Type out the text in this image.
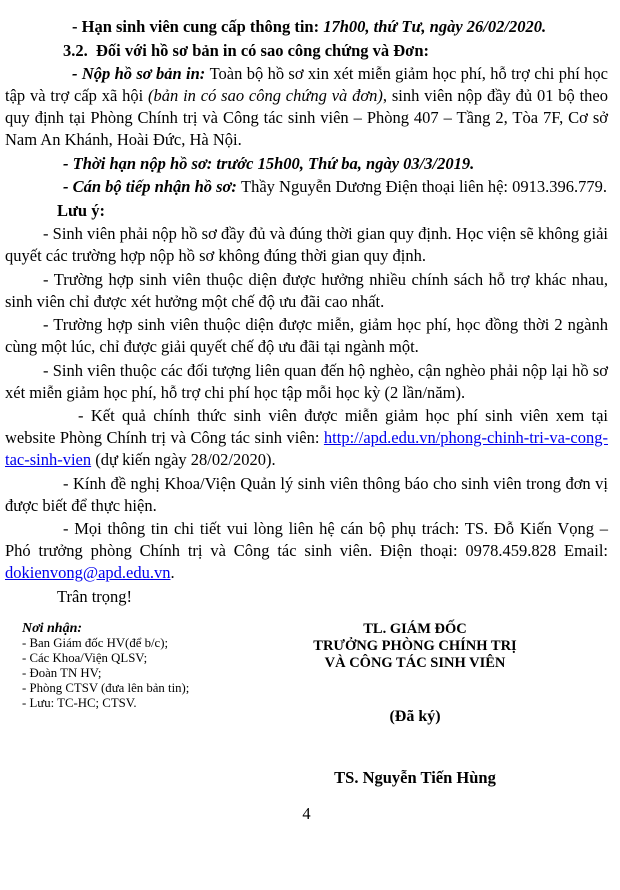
- Hạn sinh viên cung cấp thông tin: 17h00, thứ Tư, ngày 26/02/2020.

3.2. Đối với hồ sơ bản in có sao công chứng và Đơn:

- Nộp hồ sơ bản in: Toàn bộ hồ sơ xin xét miễn giảm học phí, hỗ trợ chi phí học tập và trợ cấp xã hội (bản in có sao công chứng và đơn), sinh viên nộp đầy đủ 01 bộ theo quy định tại Phòng Chính trị và Công tác sinh viên – Phòng 407 – Tầng 2, Tòa 7F, Cơ sở Nam An Khánh, Hoài Đức, Hà Nội.

- Thời hạn nộp hồ sơ: trước 15h00, Thứ ba, ngày 03/3/2019.

- Cán bộ tiếp nhận hồ sơ: Thầy Nguyễn Dương Điện thoại liên hệ: 0913.396.779.

Lưu ý:

- Sinh viên phải nộp hồ sơ đầy đủ và đúng thời gian quy định. Học viện sẽ không giải quyết các trường hợp nộp hồ sơ không đúng thời gian quy định.

- Trường hợp sinh viên thuộc diện được hưởng nhiều chính sách hỗ trợ khác nhau, sinh viên chỉ được xét hưởng một chế độ ưu đãi cao nhất.

- Trường hợp sinh viên thuộc diện được miễn, giảm học phí, học đồng thời 2 ngành cùng một lúc, chỉ được giải quyết chế độ ưu đãi tại ngành một.

- Sinh viên thuộc các đối tượng liên quan đến hộ nghèo, cận nghèo phải nộp lại hồ sơ xét miễn giảm học phí, hỗ trợ chi phí học tập mỗi học kỳ (2 lần/năm).

- Kết quả chính thức sinh viên được miễn giảm học phí sinh viên xem tại website Phòng Chính trị và Công tác sinh viên: http://apd.edu.vn/phong-chinh-tri-va-cong-tac-sinh-vien (dự kiến ngày 28/02/2020).

- Kính đề nghị Khoa/Viện Quản lý sinh viên thông báo cho sinh viên trong đơn vị được biết để thực hiện.

- Mọi thông tin chi tiết vui lòng liên hệ cán bộ phụ trách: TS. Đỗ Kiến Vọng – Phó trưởng phòng Chính trị và Công tác sinh viên. Điện thoại: 0978.459.828 Email: dokienvong@apd.edu.vn.

Trân trọng!

Nơi nhận:
- Ban Giám đốc HV(để b/c);
- Các Khoa/Viện QLSV;
- Đoàn TN HV;
- Phòng CTSV (đưa lên bản tin);
- Lưu: TC-HC; CTSV.
TL. GIÁM ĐỐC
TRƯỞNG PHÒNG CHÍNH TRỊ
VÀ CÔNG TÁC SINH VIÊN
(Đã ký)
TS. Nguyễn Tiến Hùng
4
